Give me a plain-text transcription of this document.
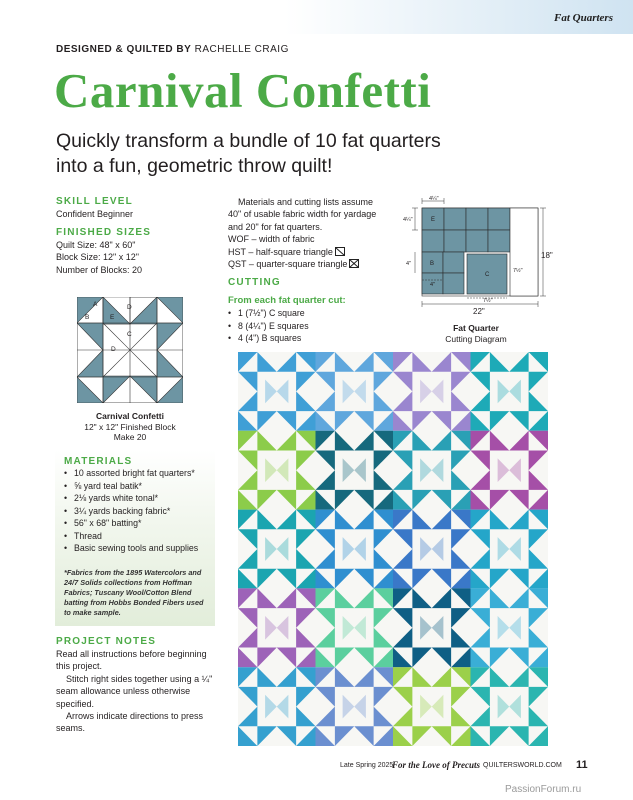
Fat Quarters
DESIGNED & QUILTED BY RACHELLE CRAIG
Carnival Confetti
Quickly transform a bundle of 10 fat quarters into a fun, geometric throw quilt!
SKILL LEVEL
Confident Beginner
FINISHED SIZES

Quilt Size: 48" x 60"

Block Size: 12" x 12"

Number of Blocks: 20

A
B
D
E
C
D
Carnival Confetti
12" x 12" Finished Block
Make 20
MATERIALS
• 10 assorted bright fat quarters*
• ⅝ yard teal batik*
• 2⅛ yards white tonal*
• 3¼ yards backing fabric*
• 56" x 68" batting*
• Thread
• Basic sewing tools and supplies
*Fabrics from the 1895 Watercolors and 24/7 Solids collections from Hoffman Fabrics; Tuscany Wool/Cotton Blend batting from Hobbs Bonded Fibers used to make sample.
PROJECT NOTES

Read all instructions before beginning this project.

Stitch right sides together using a ¼" seam allowance unless otherwise specified.

Arrows indicate directions to press seams.

Materials and cutting lists assume 40" of usable fabric width for yardage and 20" for fat quarters.

WOF – width of fabric

HST – half-square triangle

QST – quarter-square triangle

CUTTING
From each fat quarter cut:
• 1 (7½") C square
• 8 (4¼") E squares
• 4 (4") B squares
4¼"
4¼"
4"
4"
7½"
7½"
18"
22"
E
B
C
Fat Quarter
Cutting Diagram
Late Spring 2025
For the Love of Precuts QUILTERSWORLD.COM 11
PassionForum.ru
